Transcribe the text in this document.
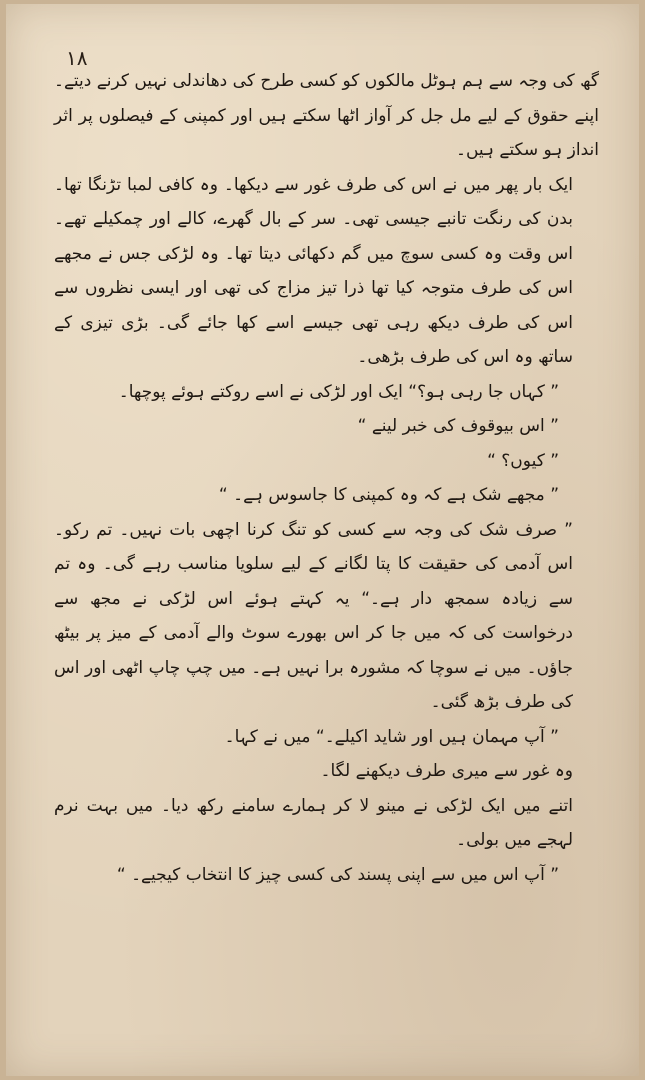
۱۸

گھ کی وجہ سے ہم ہوٹل مالکوں کو کسی طرح کی دھاندلی نہیں کرنے دیتے۔ اپنے حقوق کے لیے مل جل کر آواز اٹھا سکتے ہیں اور کمپنی کے فیصلوں پر اثر انداز ہو سکتے ہیں۔

ایک بار پھر میں نے اس کی طرف غور سے دیکھا۔ وہ کافی لمبا تڑنگا تھا۔ بدن کی رنگت تانبے جیسی تھی۔ سر کے بال گھرے، کالے اور چمکیلے تھے۔ اس وقت وہ کسی سوچ میں گم دکھائی دیتا تھا۔ وہ لڑکی جس نے مجھے اس کی طرف متوجہ کیا تھا ذرا تیز مزاج کی تھی اور ایسی نظروں سے اس کی طرف دیکھ رہی تھی جیسے اسے کھا جائے گی۔ بڑی تیزی کے ساتھ وہ اس کی طرف بڑھی۔

” کہاں جا رہی ہو؟“ ایک اور لڑکی نے اسے روکتے ہوئے پوچھا۔

” اس بیوقوف کی خبر لینے “

” کیوں؟ “

” مجھے شک ہے کہ وہ کمپنی کا جاسوس ہے۔ “

” صرف شک کی وجہ سے کسی کو تنگ کرنا اچھی بات نہیں۔ تم رکو۔ اس آدمی کی حقیقت کا پتا لگانے کے لیے سلویا مناسب رہے گی۔ وہ تم سے زیادہ سمجھ دار ہے۔“ یہ کہتے ہوئے اس لڑکی نے مجھ سے درخواست کی کہ میں جا کر اس بھورے سوٹ والے آدمی کے میز پر بیٹھ جاؤں۔ میں نے سوچا کہ مشورہ برا نہیں ہے۔ میں چپ چاپ اٹھی اور اس کی طرف بڑھ گئی۔

” آپ مہمان ہیں اور شاید اکیلے۔“ میں نے کہا۔

وہ غور سے میری طرف دیکھنے لگا۔

اتنے میں ایک لڑکی نے مینو لا کر ہمارے سامنے رکھ دیا۔ میں بہت نرم لہجے میں بولی۔

” آپ اس میں سے اپنی پسند کی کسی چیز کا انتخاب کیجیے۔ “
